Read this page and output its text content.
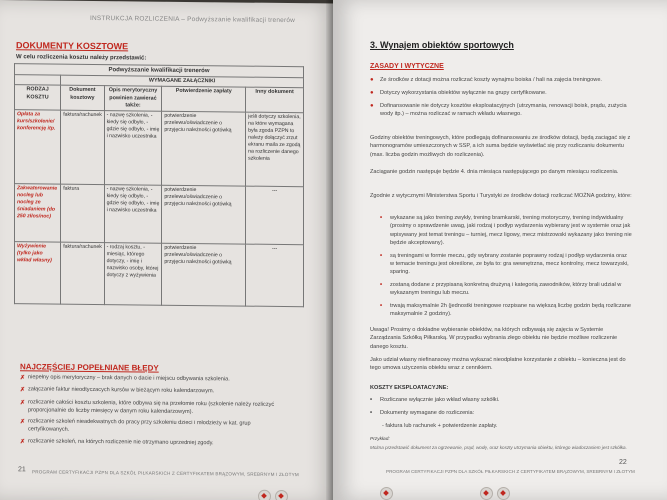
INSTRUKCJA ROZLICZENIA – Podwyższanie kwalifikacji trenerów
DOKUMENTY KOSZTOWE
W celu rozliczenia kosztu należy przedstawić:
Podwyższanie kwalifikacji trenerów				
	WYMAGANE ZAŁĄCZNIKI			
RODZAJ KOSZTU	Dokument kosztowy	Opis merytoryczny powinien zawierać także:	Potwierdzenie zapłaty	Inny dokument
Opłata za kurs/szkolenie/ konferencję itp.	faktura/rachunek	- nazwę szkolenia, - kiedy się odbyło, - gdzie się odbyło, - imię i nazwisko uczestnika	potwierdzenie przelewu/oświadczenie o przyjęciu należności gotówką	jeśli dotyczy szkolenia, na które wymagana była zgoda PZPN to należy dołączyć zrzut ekranu maila ze zgodą na rozliczenie danego szkolenia
Zakwaterowanie nocleg lub nocleg ze śniadaniem (do 250 zł/os/noc)	faktura	- nazwę szkolenia, - kiedy się odbyło, - gdzie się odbyło, - imię i nazwisko uczestnika	potwierdzenie przelewu/oświadczenie o przyjęciu należności gotówką	---
Wyżywienie (tylko jako wkład własny)	faktura/rachunek	- rodzaj kosztu, - miesiąc, którego dotyczy, - imię i nazwisko osoby, której dotyczy z wyżywienia	potwierdzenie przelewu/oświadczenie o przyjęciu należności gotówką	---
NAJCZĘŚCIEJ POPEŁNIANE BŁĘDY
✗ niepełny opis merytoryczny – brak danych o dacie i miejscu odbywania szkolenia.
✗ załączanie faktur nieodtyczacych kursów w bieżącym roku kalendarzowym.
✗ rozliczanie całości kosztu szkolenia, które odbywa się na przełomie roku (szkolenie należy rozliczyć proporcjonalnie do liczby miesięcy w danym roku kalendarzowym).
✗ rozliczanie szkoleń nieadekwatnych do pracy przy szkoleniu dzieci i młodzieży w kat. grup certyfikowanych.
✗ rozliczanie szkoleń, na których rozliczenie nie otrzymano uprzedniej zgody.
21 PROGRAM CERTYFIKACJI PZPN DLA SZKÓŁ PIŁKARSKICH Z CERTYFIKATEM BRĄZOWYM, SREBRNYM I ZŁOTYM
3. Wynajem obiektów sportowych
ZASADY I WYTYCZNE
●	Ze środków z dotacji można rozliczać koszty wynajmu boiska / hali na zajęcia treningowe.
●	Dotyczy wykorzystania obiektów wyłącznie na grupy certyfikowane.
●	Dofinansowanie nie dotyczy kosztów eksploatacyjnych (utrzymania, renowacji boisk, prądu, zużycia wody itp.) – można rozliczać w ramach wkładu własnego.
Godziny obiektów treningowych, które podlegają dofinansowaniu ze środków dotacji, będą zaciągać się z harmonogramów umieszczonych w SSP, a ich suma będzie wyświetlać się przy rozliczaniu dokumentu (max. liczba godzin możliwych do rozliczenia).
Zaciąganie godzin następuje będzie 4. dnia miesiąca następującego po danym miesiącu rozliczenia.
Zgodnie z wytycznymi Ministerstwa Sportu i Turystyki ze środków dotacji rozliczać MOŻNA godziny, które:
•	wykazane są jako trening zwykły, trening bramkarski, trening motoryczny, trening indywidualny (prosimy o sprawdzenie uwag, jaki rodzaj i podłyp wydarzenia wybierany jest w systemie oraz jak wpisywany jest temat treningu – turniej, mecz ligowy, mecz mistrzowski wykazany jako trening nie będzie akceptowany).
•	są treningami w formie meczu, gdy wybrany zostanie poprawny rodzaj i podłyp wydarzenia oraz w temacie treningu jest określone, ze była to: gra wewnętrzna, mecz kontrolny, mecz towarzyski, sparing.
•	zostaną dodane z przypisaną konkretną drużyną i kategorią zawodników, którzy brali udział w wykazanym treningu lub meczu.
•	trwają maksymalnie 2h (jednostki treningowe rozpisane na większą liczbę godzin będą rozliczane maksymalnie 2 godziny).
Uwaga! Prosimy o dokładne wybieranie obiektów, na których odbywają się zajęcia w Systemie Zarządzania Szkółką Piłkarską. W przypadku wybrania złego obiektu nie będzie możliwe rozliczenie danego kosztu.
Jako udział własny niefinansowy można wykazać nieodpłatne korzystanie z obiektu – konieczna jest do tego umowa użyczenia obiektu wraz z cennikiem.
KOSZTY EKSPLOATACYJNE:
•	Rozliczane wyłącznie jako wkład własny szkółki.
•	Dokumenty wymagane do rozliczenia:
- faktura lub rachunek + potwierdzenie zapłaty.
Przykład:
Można przedstawić dokument za ogrzewanie, prąd, wodę, oraz koszty utrzymania obiektu, którego wiadoczasiem jest szkółka.
22
PROGRAM CERTYFIKACJI PZPN DLA SZKÓŁ PIŁKARSKICH Z CERTYFIKATEM BRĄZOWYM, SREBRNYM I ZŁOTYM
